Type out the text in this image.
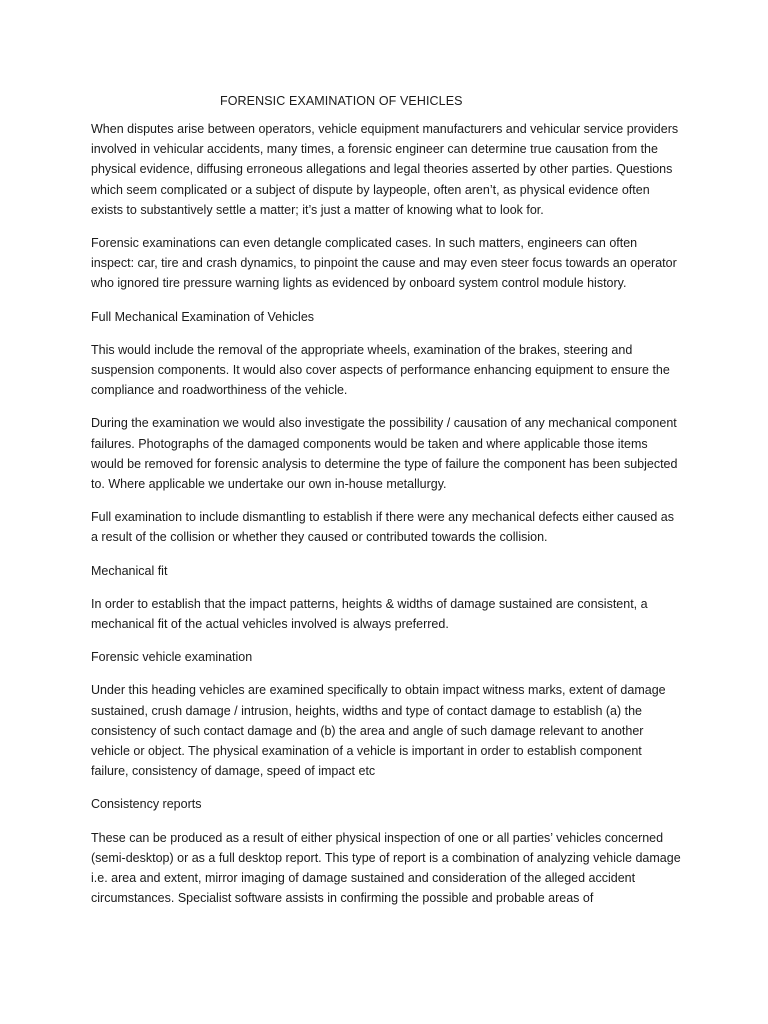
FORENSIC EXAMINATION OF VEHICLES

When disputes arise between operators, vehicle equipment manufacturers and vehicular service providers involved in vehicular accidents, many times, a forensic engineer can determine true causation from the physical evidence, diffusing erroneous allegations and legal theories asserted by other parties. Questions which seem complicated or a subject of dispute by laypeople, often aren’t, as physical evidence often exists to substantively settle a matter; it’s just a matter of knowing what to look for.

Forensic examinations can even detangle complicated cases. In such matters, engineers can often inspect: car, tire and crash dynamics, to pinpoint the cause and may even steer focus towards an operator who ignored tire pressure warning lights as evidenced by onboard system control module history.

Full Mechanical Examination of Vehicles

This would include the removal of the appropriate wheels, examination of the brakes, steering and suspension components. It would also cover aspects of performance enhancing equipment to ensure the compliance and roadworthiness of the vehicle.

During the examination we would also investigate the possibility / causation of any mechanical component failures. Photographs of the damaged components would be taken and where applicable those items would be removed for forensic analysis to determine the type of failure the component has been subjected to. Where applicable we undertake our own in-house metallurgy.

Full examination to include dismantling to establish if there were any mechanical defects either caused as a result of the collision or whether they caused or contributed towards the collision.

Mechanical fit

In order to establish that the impact patterns, heights & widths of damage sustained are consistent, a mechanical fit of the actual vehicles involved is always preferred.

Forensic vehicle examination

Under this heading vehicles are examined specifically to obtain impact witness marks, extent of damage sustained, crush damage / intrusion, heights, widths and type of contact damage to establish (a) the consistency of such contact damage and (b) the area and angle of such damage relevant to another vehicle or object. The physical examination of a vehicle is important in order to establish component failure, consistency of damage, speed of impact etc

Consistency reports

These can be produced as a result of either physical inspection of one or all parties’ vehicles concerned (semi-desktop) or as a full desktop report. This type of report is a combination of analyzing vehicle damage i.e. area and extent, mirror imaging of damage sustained and consideration of the alleged accident circumstances. Specialist software assists in confirming the possible and probable areas of
